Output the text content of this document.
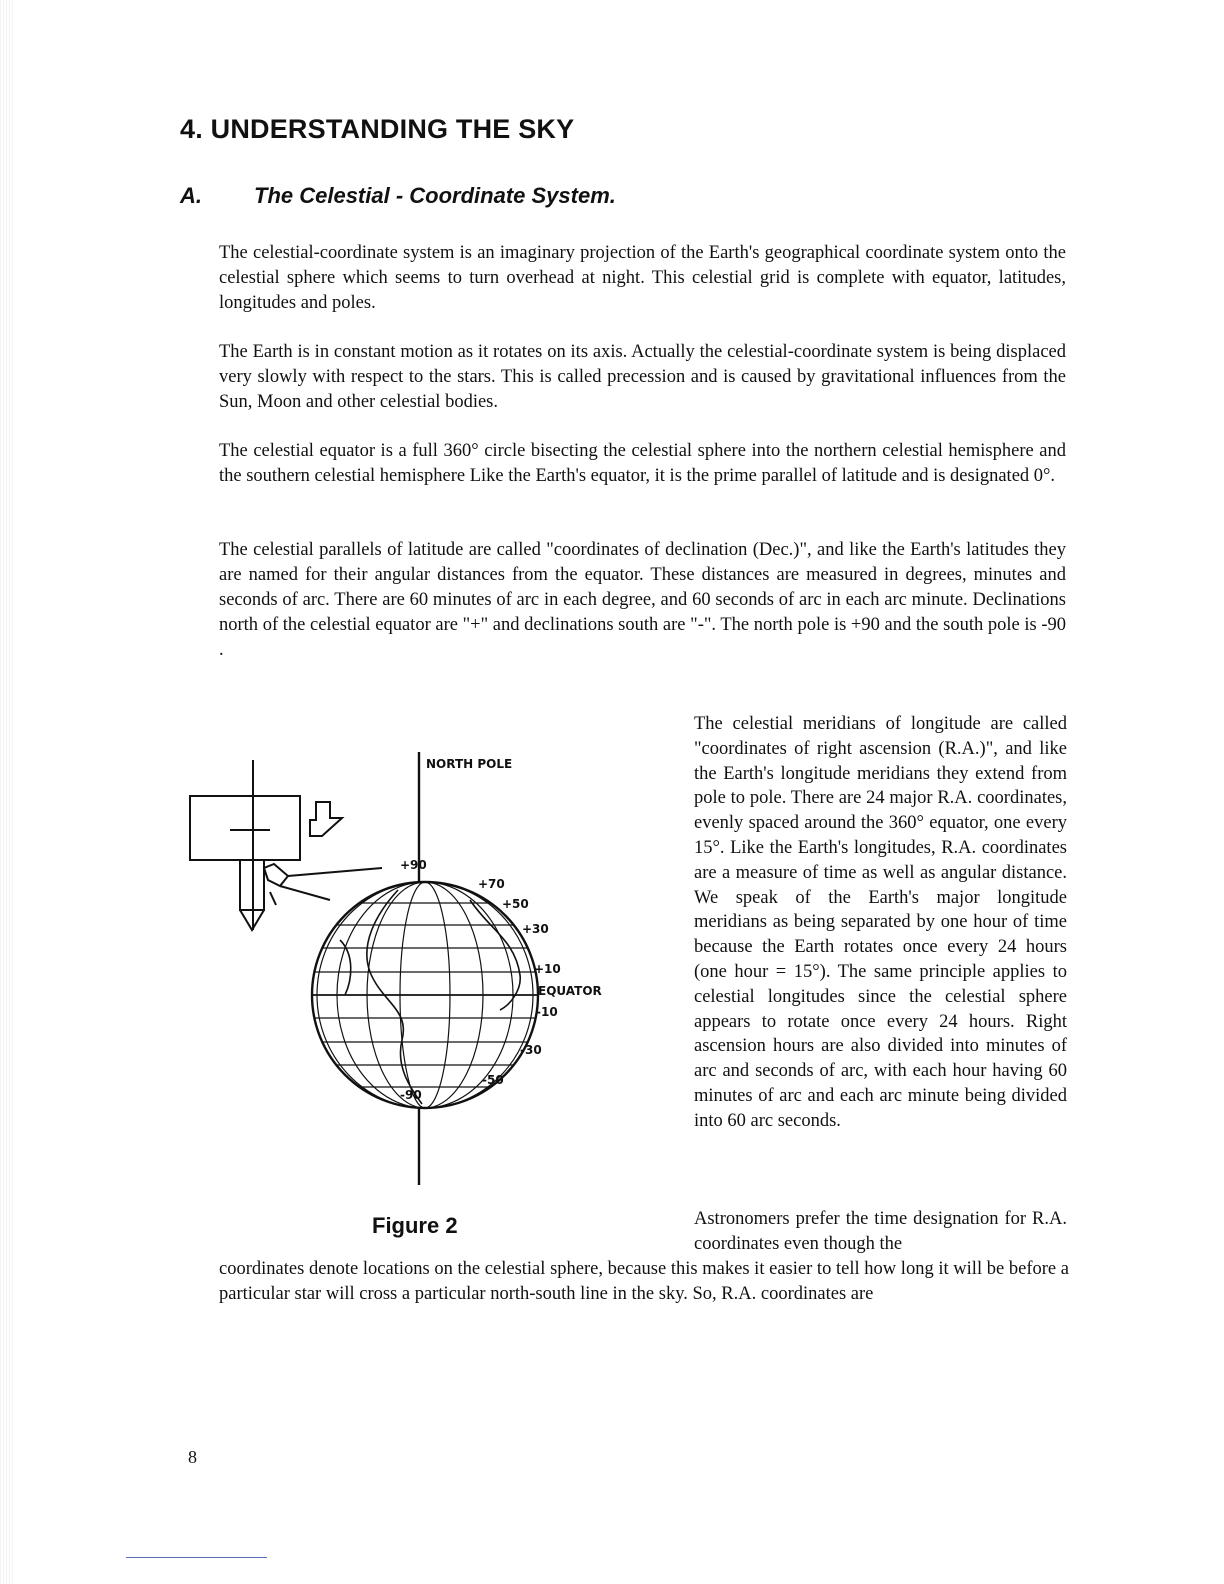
4. UNDERSTANDING THE SKY
A. The Celestial - Coordinate System.

The celestial-coordinate system is an imaginary projection of the Earth's geographical coordinate system onto the celestial sphere which seems to turn overhead at night. This celestial grid is complete with equator, latitudes, longitudes and poles.

The Earth is in constant motion as it rotates on its axis. Actually the celestial-coordinate system is being displaced very slowly with respect to the stars. This is called precession and is caused by gravitational influences from the Sun, Moon and other celestial bodies.

The celestial equator is a full 360° circle bisecting the celestial sphere into the northern celestial hemisphere and the southern celestial hemisphere Like the Earth's equator, it is the prime parallel of latitude and is designated 0°.

The celestial parallels of latitude are called "coordinates of declination (Dec.)", and like the Earth's latitudes they are named for their angular distances from the equator. These distances are measured in degrees, minutes and seconds of arc. There are 60 minutes of arc in each degree, and 60 seconds of arc in each arc minute. Declinations north of the celestial equator are "+" and declinations south are "-". The north pole is +90 and the south pole is -90 .

NORTH POLE
+90
+70
+50
+30
+10
EQUATOR
-10
-30
-50
-90

The celestial meridians of longitude are called "coordinates of right ascension (R.A.)", and like the Earth's longitude meridians they extend from pole to pole. There are 24 major R.A. coordinates, evenly spaced around the 360° equator, one every 15°. Like the Earth's longitudes, R.A. coordinates are a measure of time as well as angular distance. We speak of the Earth's major longitude meridians as being separated by one hour of time because the Earth rotates once every 24 hours (one hour = 15°). The same principle applies to celestial longitudes since the celestial sphere appears to rotate once every 24 hours. Right ascension hours are also divided into minutes of arc and seconds of arc, with each hour having 60 minutes of arc and each arc minute being divided into 60 arc seconds.

Astronomers prefer the time designation for R.A. coordinates even though the

Figure 2

coordinates denote locations on the celestial sphere, because this makes it easier to tell how long it will be before a particular star will cross a particular north-south line in the sky. So, R.A. coordinates are

8
